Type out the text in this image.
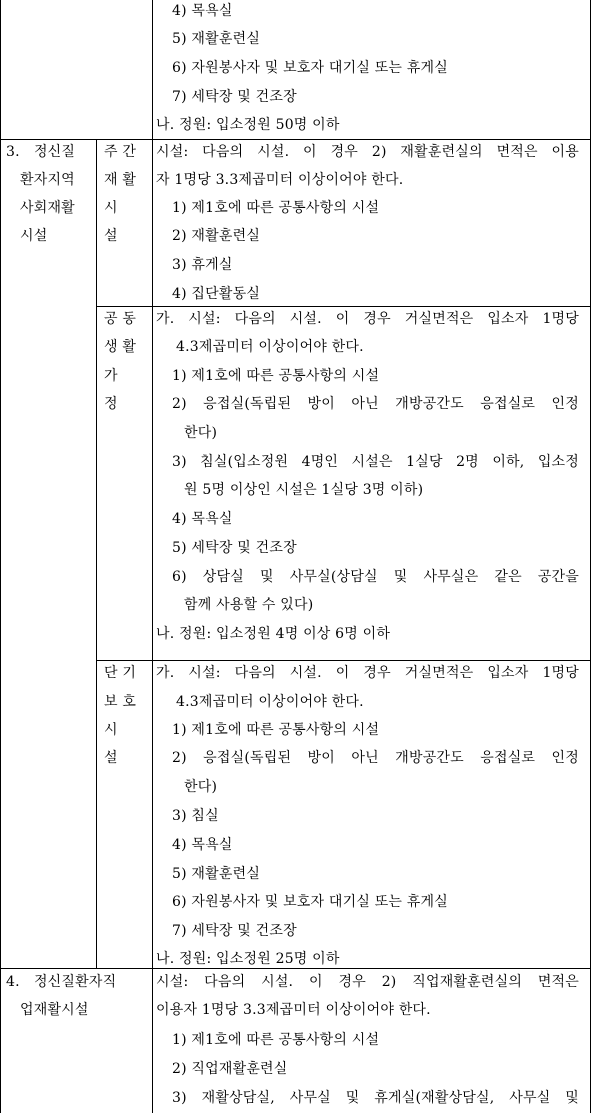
4) 목욕실
5) 재활훈련실
6) 자원봉사자 및 보호자 대기실 또는 휴게실
7) 세탁장 및 건조장
나. 정원: 입소정원 50명 이하
3.　정신질
환자지역
사회재활
시설
주 간
재 활
시
설
시설: 다음의 시설. 이 경우 2) 재활훈련실의 면적은 이용
자 1명당 3.3제곱미터 이상이어야 한다.
1) 제1호에 따른 공통사항의 시설
2) 재활훈련실
3) 휴게실
4) 집단활동실
공 동
생 활
가
정
가. 시설: 다음의 시설. 이 경우 거실면적은 입소자 1명당
4.3제곱미터 이상이어야 한다.
1) 제1호에 따른 공통사항의 시설
2) 응접실(독립된 방이 아닌 개방공간도 응접실로 인정
한다)
3) 침실(입소정원 4명인 시설은 1실당 2명 이하, 입소정
원 5명 이상인 시설은 1실당 3명 이하)
4) 목욕실
5) 세탁장 및 건조장
6) 상담실 및 사무실(상담실 및 사무실은 같은 공간을
함께 사용할 수 있다)
나. 정원: 입소정원 4명 이상 6명 이하
단 기
보 호
시
설
가. 시설: 다음의 시설. 이 경우 거실면적은 입소자 1명당
4.3제곱미터 이상이어야 한다.
1) 제1호에 따른 공통사항의 시설
2) 응접실(독립된 방이 아닌 개방공간도 응접실로 인정
한다)
3) 침실
4) 목욕실
5) 재활훈련실
6) 자원봉사자 및 보호자 대기실 또는 휴게실
7) 세탁장 및 건조장
나. 정원: 입소정원 25명 이하
4.　정신질환자직
업재활시설
시설: 다음의 시설. 이 경우 2) 직업재활훈련실의 면적은
이용자 1명당 3.3제곱미터 이상이어야 한다.
1) 제1호에 따른 공통사항의 시설
2) 직업재활훈련실
3) 재활상담실, 사무실 및 휴게실(재활상담실, 사무실 및
